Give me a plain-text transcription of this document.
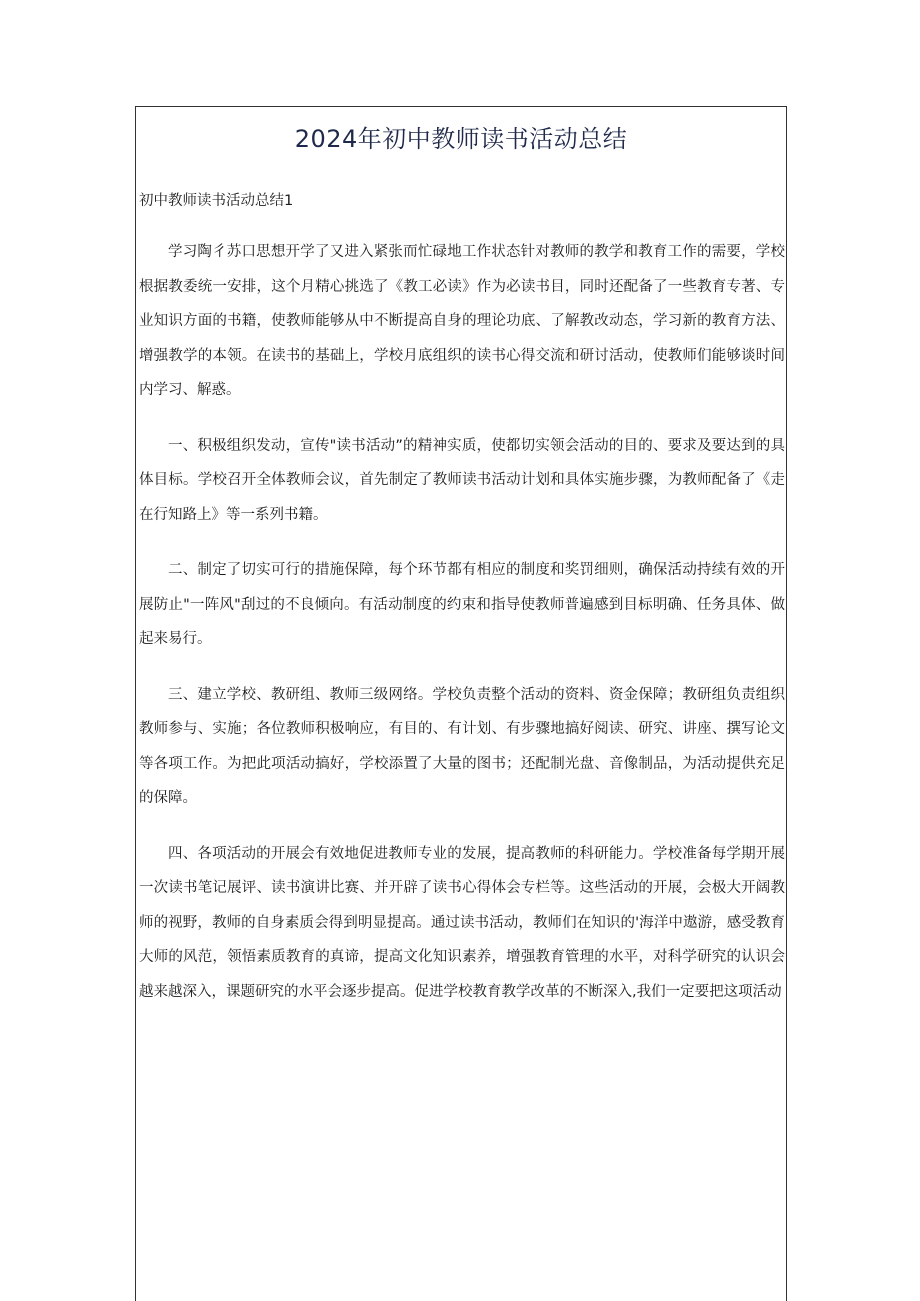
2024年初中教师读书活动总结

初中教师读书活动总结1

学习陶彳苏口思想开学了又进入紧张而忙碌地工作状态针对教师的教学和教育工作的需要，学校根据教委统一安排，这个月精心挑选了《教工必读》作为必读书目，同时还配备了一些教育专著、专业知识方面的书籍，使教师能够从中不断提高自身的理论功底、了解教改动态，学习新的教育方法、增强教学的本领。在读书的基础上，学校月底组织的读书心得交流和研讨活动，使教师们能够谈时间内学习、解惑。

一、积极组织发动，宣传"读书活动”的精神实质，使都切实领会活动的目的、要求及要达到的具体目标。学校召开全体教师会议，首先制定了教师读书活动计划和具体实施步骤，为教师配备了《走在行知路上》等一系列书籍。

二、制定了切实可行的措施保障，每个环节都有相应的制度和奖罚细则，确保活动持续有效的开展防止"一阵风"刮过的不良倾向。有活动制度的约束和指导使教师普遍感到目标明确、任务具体、做起来易行。

三、建立学校、教研组、教师三级网络。学校负责整个活动的资料、资金保障；教研组负责组织教师参与、实施；各位教师积极响应，有目的、有计划、有步骤地搞好阅读、研究、讲座、撰写论文等各项工作。为把此项活动搞好，学校添置了大量的图书；还配制光盘、音像制品，为活动提供充足的保障。

四、各项活动的开展会有效地促进教师专业的发展，提高教师的科研能力。学校准备每学期开展一次读书笔记展评、读书演讲比赛、并开辟了读书心得体会专栏等。这些活动的开展，会极大开阔教师的视野，教师的自身素质会得到明显提高。通过读书活动，教师们在知识的'海洋中遨游，感受教育大师的风范，领悟素质教育的真谛，提高文化知识素养，增强教育管理的水平，对科学研究的认识会越来越深入，课题研究的水平会逐步提高。促进学校教育教学改革的不断深入,我们一定要把这项活动
